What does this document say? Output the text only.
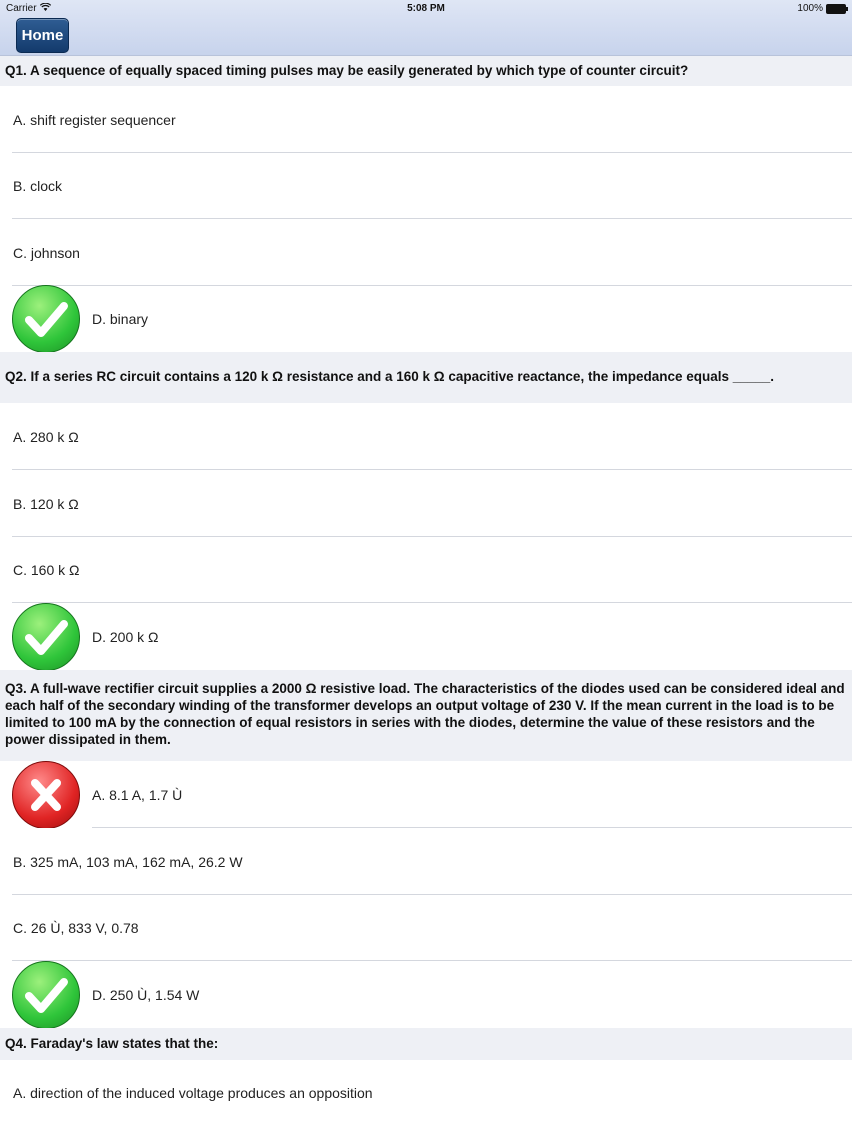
Home
Carrier	5:08 PM	100%
Q1. A sequence of equally spaced timing pulses may be easily generated by which type of counter circuit?
A. shift register sequencer
B. clock
C. johnson
D. binary
Q2. If a series RC circuit contains a 120 k Ω resistance and a 160 k Ω capacitive reactance, the impedance equals _____.
A. 280 k Ω
B. 120 k Ω
C. 160 k Ω
D. 200 k Ω
Q3. A full-wave rectifier circuit supplies a 2000 Ω resistive load. The characteristics of the diodes used can be considered ideal and each half of the secondary winding of the transformer develops an output voltage of 230 V. If the mean current in the load is to be limited to 100 mA by the connection of equal resistors in series with the diodes, determine the value of these resistors and the power dissipated in them.
A. 8.1 A, 1.7 Ù
B. 325 mA, 103 mA, 162 mA, 26.2 W
C. 26 Ù, 833 V, 0.78
D. 250 Ù, 1.54 W
Q4. Faraday's law states that the:
A. direction of the induced voltage produces an opposition
